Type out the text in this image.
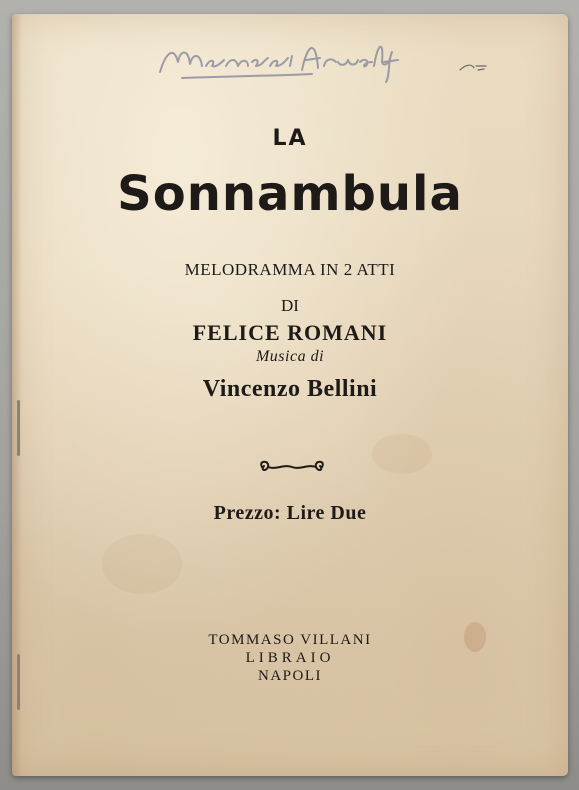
LA
Sonnambula
MELODRAMMA IN 2 ATTI
DI
FELICE ROMANI
Musica di
Vincenzo Bellini
Prezzo: Lire Due
TOMMASO VILLANI
LIBRAIO
NAPOLI
